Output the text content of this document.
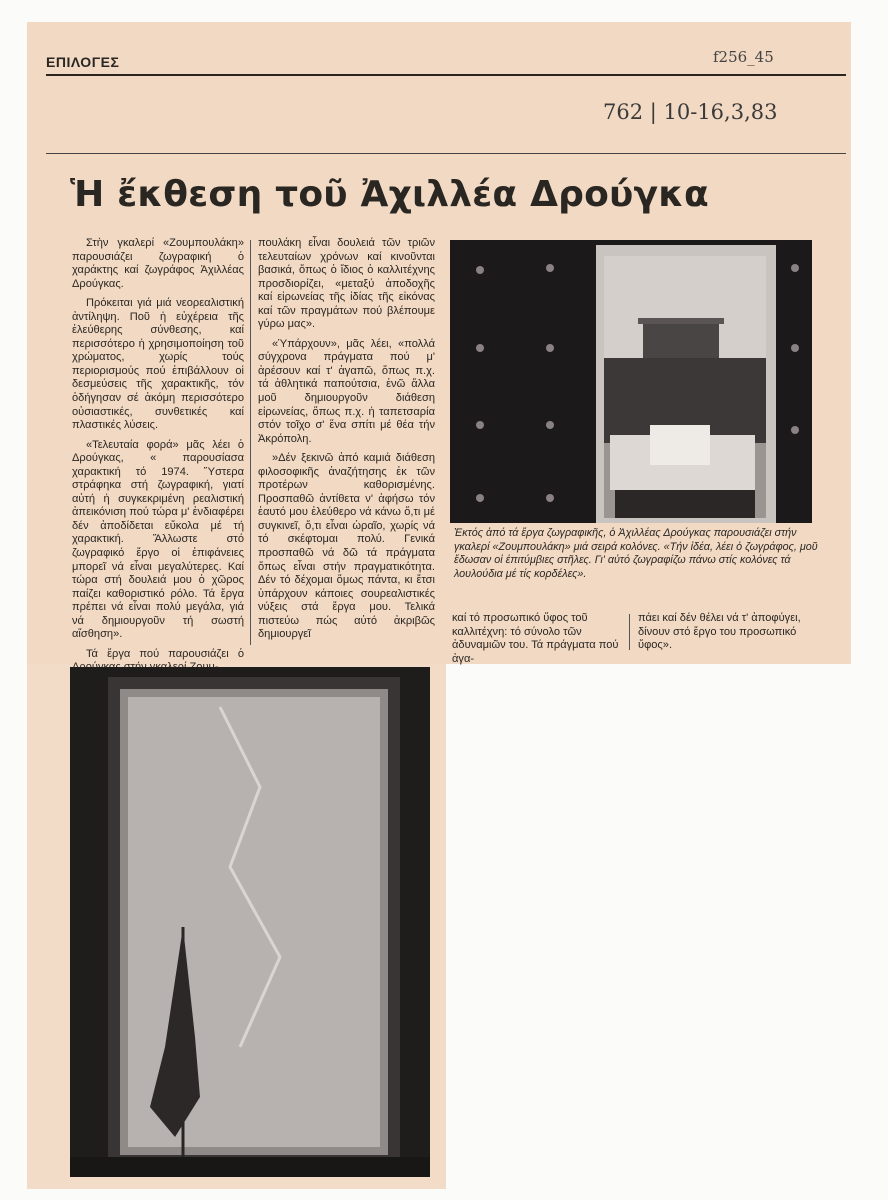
ΕΠΙΛΟΓΕΣ	f256_45
762 | 10-16,3,83
Ἡ ἔκθεση τοῦ Ἀχιλλέα Δρούγκα

Στὴν γκαλερί «Ζουμπουλάκη» παρουσιάζει ζωγραφική ὁ χαράκτης καί ζωγράφος Ἀχιλλέας Δρούγκας.

Πρόκειται γιά μιά νεορεαλιστική ἀντίληψη. Ποῦ ἡ εὐχέρεια τῆς ἐλεύθερης σύνθεσης, καί περισσότερο ἡ χρησιμοποίηση τοῦ χρώματος, χωρίς τούς περιορισμούς πού ἐπιβάλλουν οἱ δεσμεύσεις τῆς χαρακτικῆς, τόν ὁδήγησαν σέ ἀκόμη περισσότερο οὐσιαστικές, συνθετικές καί πλαστικές λύσεις.

«Τελευταία φορά» μᾶς λέει ὁ Δρούγκας, « παρουσίασα χαρακτική τό 1974. Ὕστερα στράφηκα στή ζωγραφική, γιατί αὐτή ἡ συγκεκριμένη ρεαλιστική ἀπεικόνιση πού τώρα μ' ἐνδιαφέρει δέν ἀποδίδεται εὔκολα μέ τή χαρακτική. Ἄλλωστε στό ζωγραφικό ἔργο οἱ ἐπιφάνειες μπορεῖ νά εἶναι μεγαλύτερες. Καί τώρα στή δουλειά μου ὁ χῶρος παίζει καθοριστικό ρόλο. Τά ἔργα πρέπει νά εἶναι πολύ μεγάλα, γιά νά δημιουργοῦν τή σωστή αἴσθηση».

Τά ἔργα πού παρουσιάζει ὁ

πουλάκη εἶναι δουλειά τῶν τριῶν τελευταίων χρόνων καί κινοῦνται βασικά, ὅπως ὁ ἴδιος ὁ καλλιτέχνης προσδιορίζει, «μεταξύ ἀποδοχῆς καί εἰρωνείας τῆς ἰδίας τῆς εἰκόνας καί τῶν πραγμάτων πού βλέπουμε γύρω μας».

«Ὑπάρχουν», μᾶς λέει, «πολλά σύγχρονα πράγματα πού μ' ἀρέσουν καί τ' ἀγαπῶ, ὅπως π.χ. τά ἀθλητικά παπούτσια, ἐνῶ ἄλλα μοῦ δημιουργοῦν διάθεση εἰρωνείας, ὅπως π.χ. ἡ ταπετσαρία στόν τοῖχο σ' ἕνα σπίτι μέ θέα τήν Ἀκρόπολη.

»Δέν ξεκινῶ ἀπό καμιά διάθεση φιλοσοφικῆς ἀναζήτησης ἐκ τῶν προτέρων καθορισμένης. Προσπαθῶ ἀντίθετα ν' ἀφήσω τόν ἑαυτό μου ἐλεύθερο νά κάνω ὅ,τι μέ συγκινεῖ, ὅ,τι εἶναι ὡραῖο, χωρίς νά τό σκέφτομαι πολύ. Γενικά προσπαθῶ νά δῶ τά πράγματα ὅπως εἶναι στήν πραγματικότητα. Δέν τό δέχομαι ὅμως πάντα, κι ἔτσι ὑπάρχουν κάποιες σουρεαλιστικές νύξεις στά ἔργα μου. Τελικά πιστεύω πώς αὐτό ἀκριβῶς δημιουργεῖ

Ἐκτός ἀπό τά ἔργα ζωγραφικῆς, ὁ Ἀχιλλέας Δρούγκας παρουσιάζει στήν γκαλερί «Ζουμπουλάκη» μιά σειρά κολόνες. «Τήν ἰδέα, λέει ὁ ζωγράφος, μοῦ ἔδωσαν οἱ ἐπιτύμβιες στῆλες. Γι' αὐτό ζωγραφίζω πάνω στίς κολόνες τά λουλούδια μέ τίς κορδέλες».

καί τό προσωπικό ὕφος τοῦ καλλιτέχνη: τό σύνολο τῶν ἀδυναμιῶν του. Τά πράγματα πού ἀγα-

πάει καί δέν θέλει νά τ' ἀποφύγει, δίνουν στό ἔργο του προσωπικό ὕφος».
